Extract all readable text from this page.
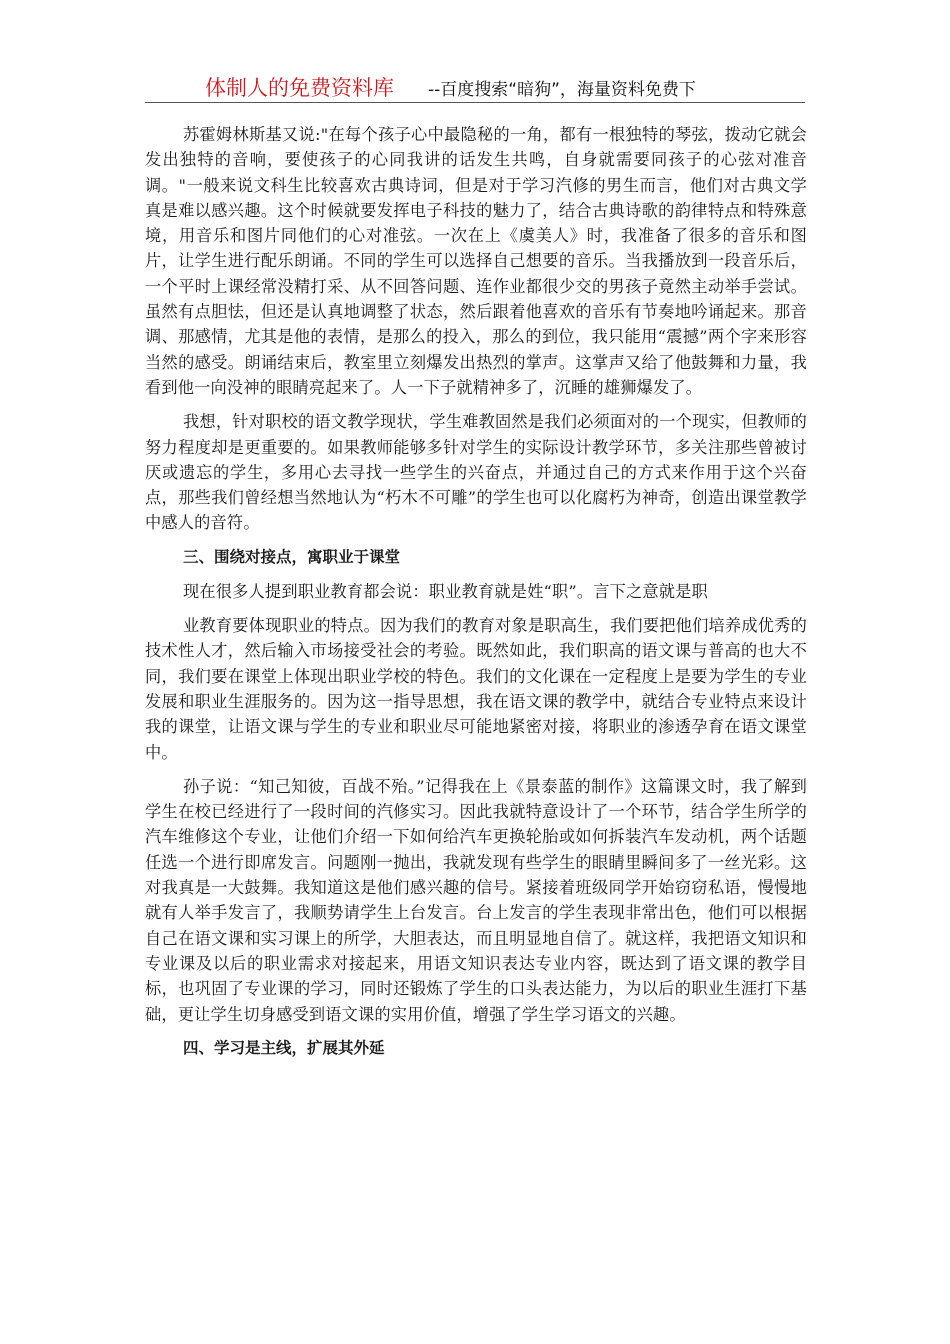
体制人的免费资料库 --百度搜索“暗狗”，海量资料免费下

苏霍姆林斯基又说:"在每个孩子心中最隐秘的一角，都有一根独特的琴弦，拨动它就会发出独特的音响，要使孩子的心同我讲的话发生共鸣，自身就需要同孩子的心弦对准音调。"一般来说文科生比较喜欢古典诗词，但是对于学习汽修的男生而言，他们对古典文学真是难以感兴趣。这个时候就要发挥电子科技的魅力了，结合古典诗歌的韵律特点和特殊意境，用音乐和图片同他们的心对准弦。一次在上《虞美人》时，我准备了很多的音乐和图片，让学生进行配乐朗诵。不同的学生可以选择自己想要的音乐。当我播放到一段音乐后，一个平时上课经常没精打采、从不回答问题、连作业都很少交的男孩子竟然主动举手尝试。虽然有点胆怯，但还是认真地调整了状态，然后跟着他喜欢的音乐有节奏地吟诵起来。那音调、那感情，尤其是他的表情，是那么的投入，那么的到位，我只能用“震撼”两个字来形容当然的感受。朗诵结束后，教室里立刻爆发出热烈的掌声。这掌声又给了他鼓舞和力量，我看到他一向没神的眼睛亮起来了。人一下子就精神多了，沉睡的雄狮爆发了。

我想，针对职校的语文教学现状，学生难教固然是我们必须面对的一个现实，但教师的努力程度却是更重要的。如果教师能够多针对学生的实际设计教学环节，多关注那些曾被讨厌或遗忘的学生，多用心去寻找一些学生的兴奋点，并通过自己的方式来作用于这个兴奋点，那些我们曾经想当然地认为“朽木不可雕”的学生也可以化腐朽为神奇，创造出课堂教学中感人的音符。

三、围绕对接点，寓职业于课堂

现在很多人提到职业教育都会说：职业教育就是姓“职”。言下之意就是职

业教育要体现职业的特点。因为我们的教育对象是职高生，我们要把他们培养成优秀的技术性人才，然后输入市场接受社会的考验。既然如此，我们职高的语文课与普高的也大不同，我们要在课堂上体现出职业学校的特色。我们的文化课在一定程度上是要为学生的专业发展和职业生涯服务的。因为这一指导思想，我在语文课的教学中，就结合专业特点来设计我的课堂，让语文课与学生的专业和职业尽可能地紧密对接，将职业的渗透孕育在语文课堂中。

孙子说：“知己知彼，百战不殆。”记得我在上《景泰蓝的制作》这篇课文时，我了解到学生在校已经进行了一段时间的汽修实习。因此我就特意设计了一个环节，结合学生所学的汽车维修这个专业，让他们介绍一下如何给汽车更换轮胎或如何拆装汽车发动机，两个话题任选一个进行即席发言。问题刚一抛出，我就发现有些学生的眼睛里瞬间多了一丝光彩。这对我真是一大鼓舞。我知道这是他们感兴趣的信号。紧接着班级同学开始窃窃私语，慢慢地就有人举手发言了，我顺势请学生上台发言。台上发言的学生表现非常出色，他们可以根据自己在语文课和实习课上的所学，大胆表达，而且明显地自信了。就这样，我把语文知识和专业课及以后的职业需求对接起来，用语文知识表达专业内容，既达到了语文课的教学目标，也巩固了专业课的学习，同时还锻炼了学生的口头表达能力，为以后的职业生涯打下基础，更让学生切身感受到语文课的实用价值，增强了学生学习语文的兴趣。

四、学习是主线，扩展其外延
